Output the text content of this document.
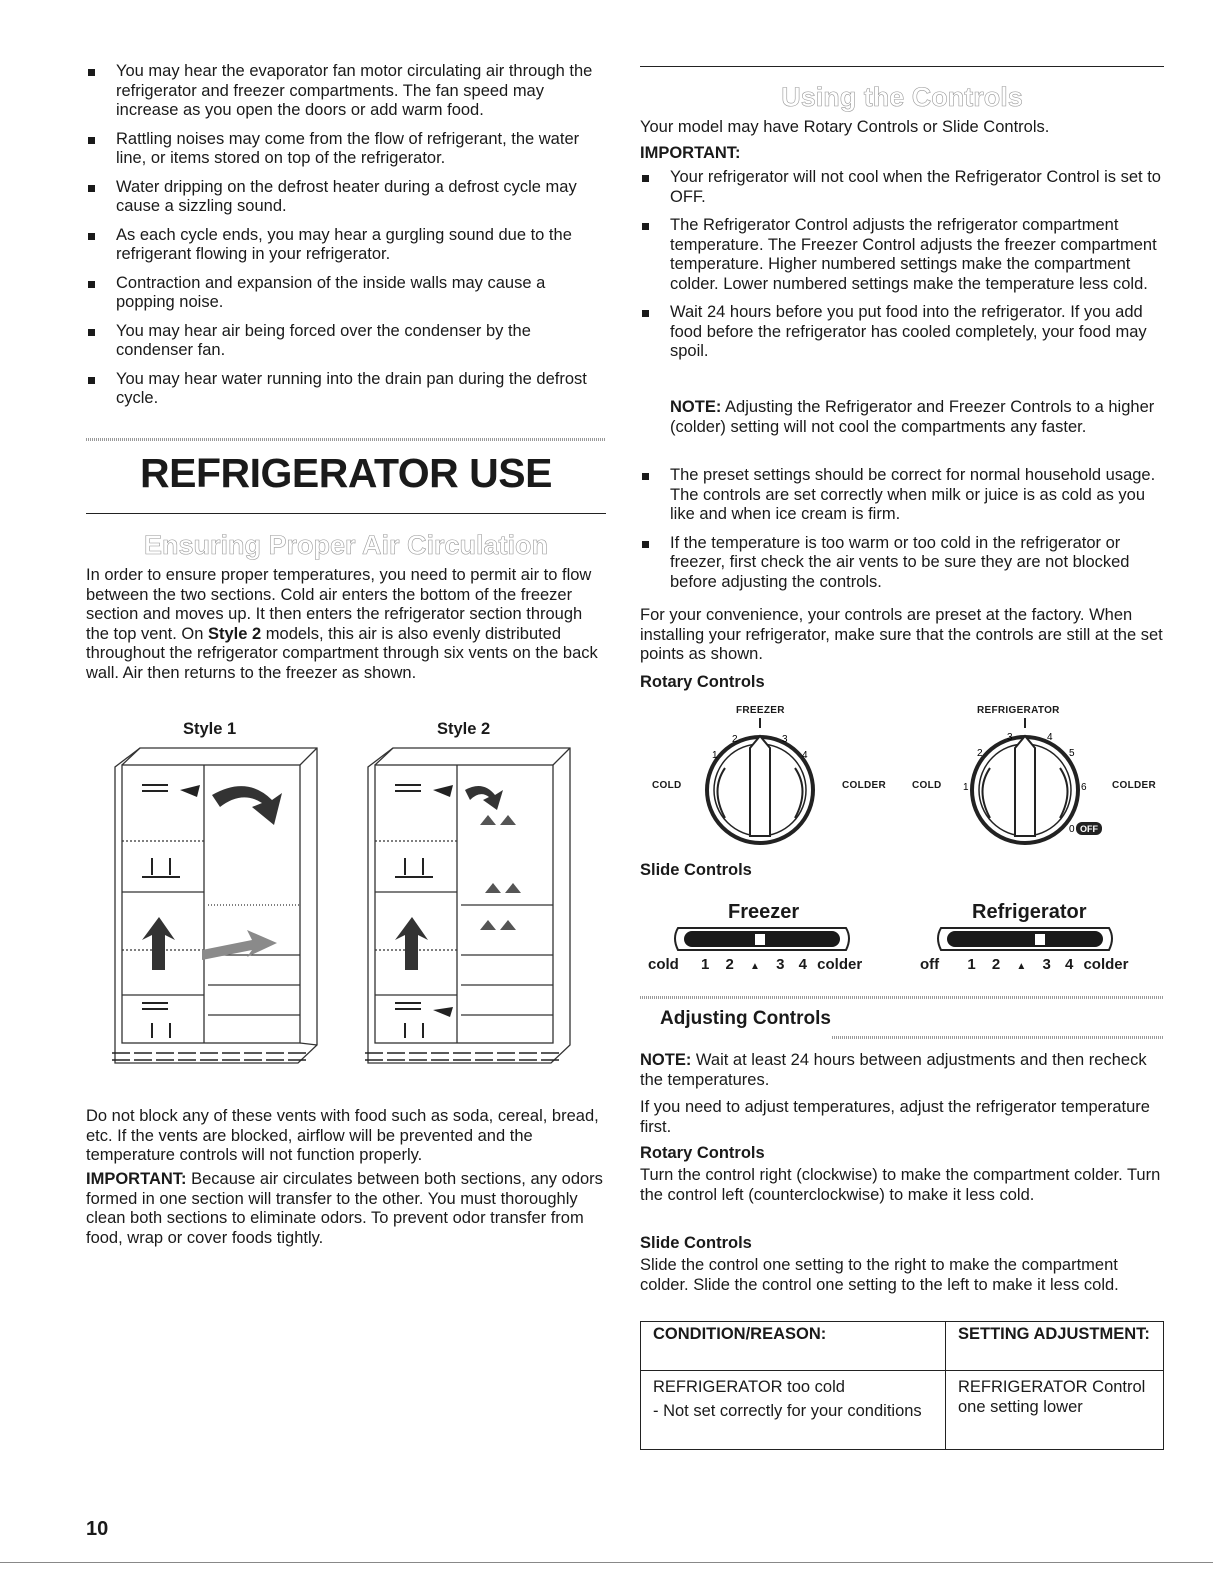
You may hear the evaporator fan motor circulating air through the refrigerator and freezer compartments. The fan speed may increase as you open the doors or add warm food.
Rattling noises may come from the flow of refrigerant, the water line, or items stored on top of the refrigerator.
Water dripping on the defrost heater during a defrost cycle may cause a sizzling sound.
As each cycle ends, you may hear a gurgling sound due to the refrigerant flowing in your refrigerator.
Contraction and expansion of the inside walls may cause a popping noise.
You may hear air being forced over the condenser by the condenser fan.
You may hear water running into the drain pan during the defrost cycle.
REFRIGERATOR USE
Ensuring Proper Air Circulation

In order to ensure proper temperatures, you need to permit air to flow between the two sections. Cold air enters the bottom of the freezer section and moves up. It then enters the refrigerator section through the top vent. On Style 2 models, this air is also evenly distributed throughout the refrigerator compartment through six vents on the back wall. Air then returns to the freezer as shown.

Style 1	Style 2

Do not block any of these vents with food such as soda, cereal, bread, etc. If the vents are blocked, airflow will be prevented and the temperature controls will not function properly.

IMPORTANT: Because air circulates between both sections, any odors formed in one section will transfer to the other. You must thoroughly clean both sections to eliminate odors. To prevent odor transfer from food, wrap or cover foods tightly.

Using the Controls

Your model may have Rotary Controls or Slide Controls.

IMPORTANT:
Your refrigerator will not cool when the Refrigerator Control is set to OFF.
The Refrigerator Control adjusts the refrigerator compartment temperature. The Freezer Control adjusts the freezer compartment temperature. Higher numbered settings make the compartment colder. Lower numbered settings make the temperature less cold.
Wait 24 hours before you put food into the refrigerator. If you add food before the refrigerator has cooled completely, your food may spoil.

NOTE: Adjusting the Refrigerator and Freezer Controls to a higher (colder) setting will not cool the compartments any faster.

The preset settings should be correct for normal household usage. The controls are set correctly when milk or juice is as cold as you like and when ice cream is firm.
If the temperature is too warm or too cold in the refrigerator or freezer, first check the air vents to be sure they are not blocked before adjusting the controls.

For your convenience, your controls are preset at the factory. When installing your refrigerator, make sure that the controls are still at the set points as shown.

Rotary Controls
FREEZER	REFRIGERATOR
COLD	COLDER	COLD	COLDER
1
2	3
4
1
2
3	4
5
6
0 OFF
Slide Controls
Freezer	Refrigerator
cold 1 2 ▲ 3 4 colder	off 1 2 ▲ 3 4 colder
Adjusting Controls

NOTE: Wait at least 24 hours between adjustments and then recheck the temperatures.

If you need to adjust temperatures, adjust the refrigerator temperature first.

Rotary Controls

Turn the control right (clockwise) to make the compartment colder. Turn the control left (counterclockwise) to make it less cold.

Slide Controls

Slide the control one setting to the right to make the compartment colder. Slide the control one setting to the left to make it less cold.

CONDITION/REASON:	SETTING ADJUSTMENT:

REFRIGERATOR too cold
- Not set correctly for your conditions	REFRIGERATOR Control one setting lower
10
